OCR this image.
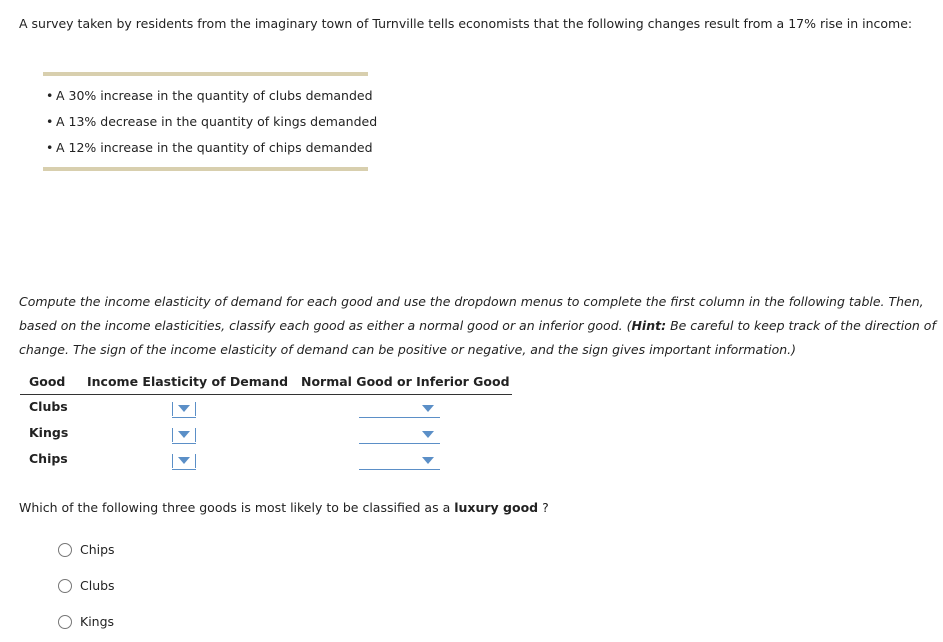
A survey taken by residents from the imaginary town of Turnville tells economists that the following changes result from a 17% rise in income:
• A 30% increase in the quantity of clubs demanded
• A 13% decrease in the quantity of kings demanded
• A 12% increase in the quantity of chips demanded
Compute the income elasticity of demand for each good and use the dropdown menus to complete the first column in the following table. Then, based on the income elasticities, classify each good as either a normal good or an inferior good. (Hint: Be careful to keep track of the direction of change. The sign of the income elasticity of demand can be positive or negative, and the sign gives important information.)
Good Income Elasticity of Demand Normal Good or Inferior Good
Clubs
Kings
Chips
Which of the following three goods is most likely to be classified as a luxury good ?
Chips
Clubs
Kings
